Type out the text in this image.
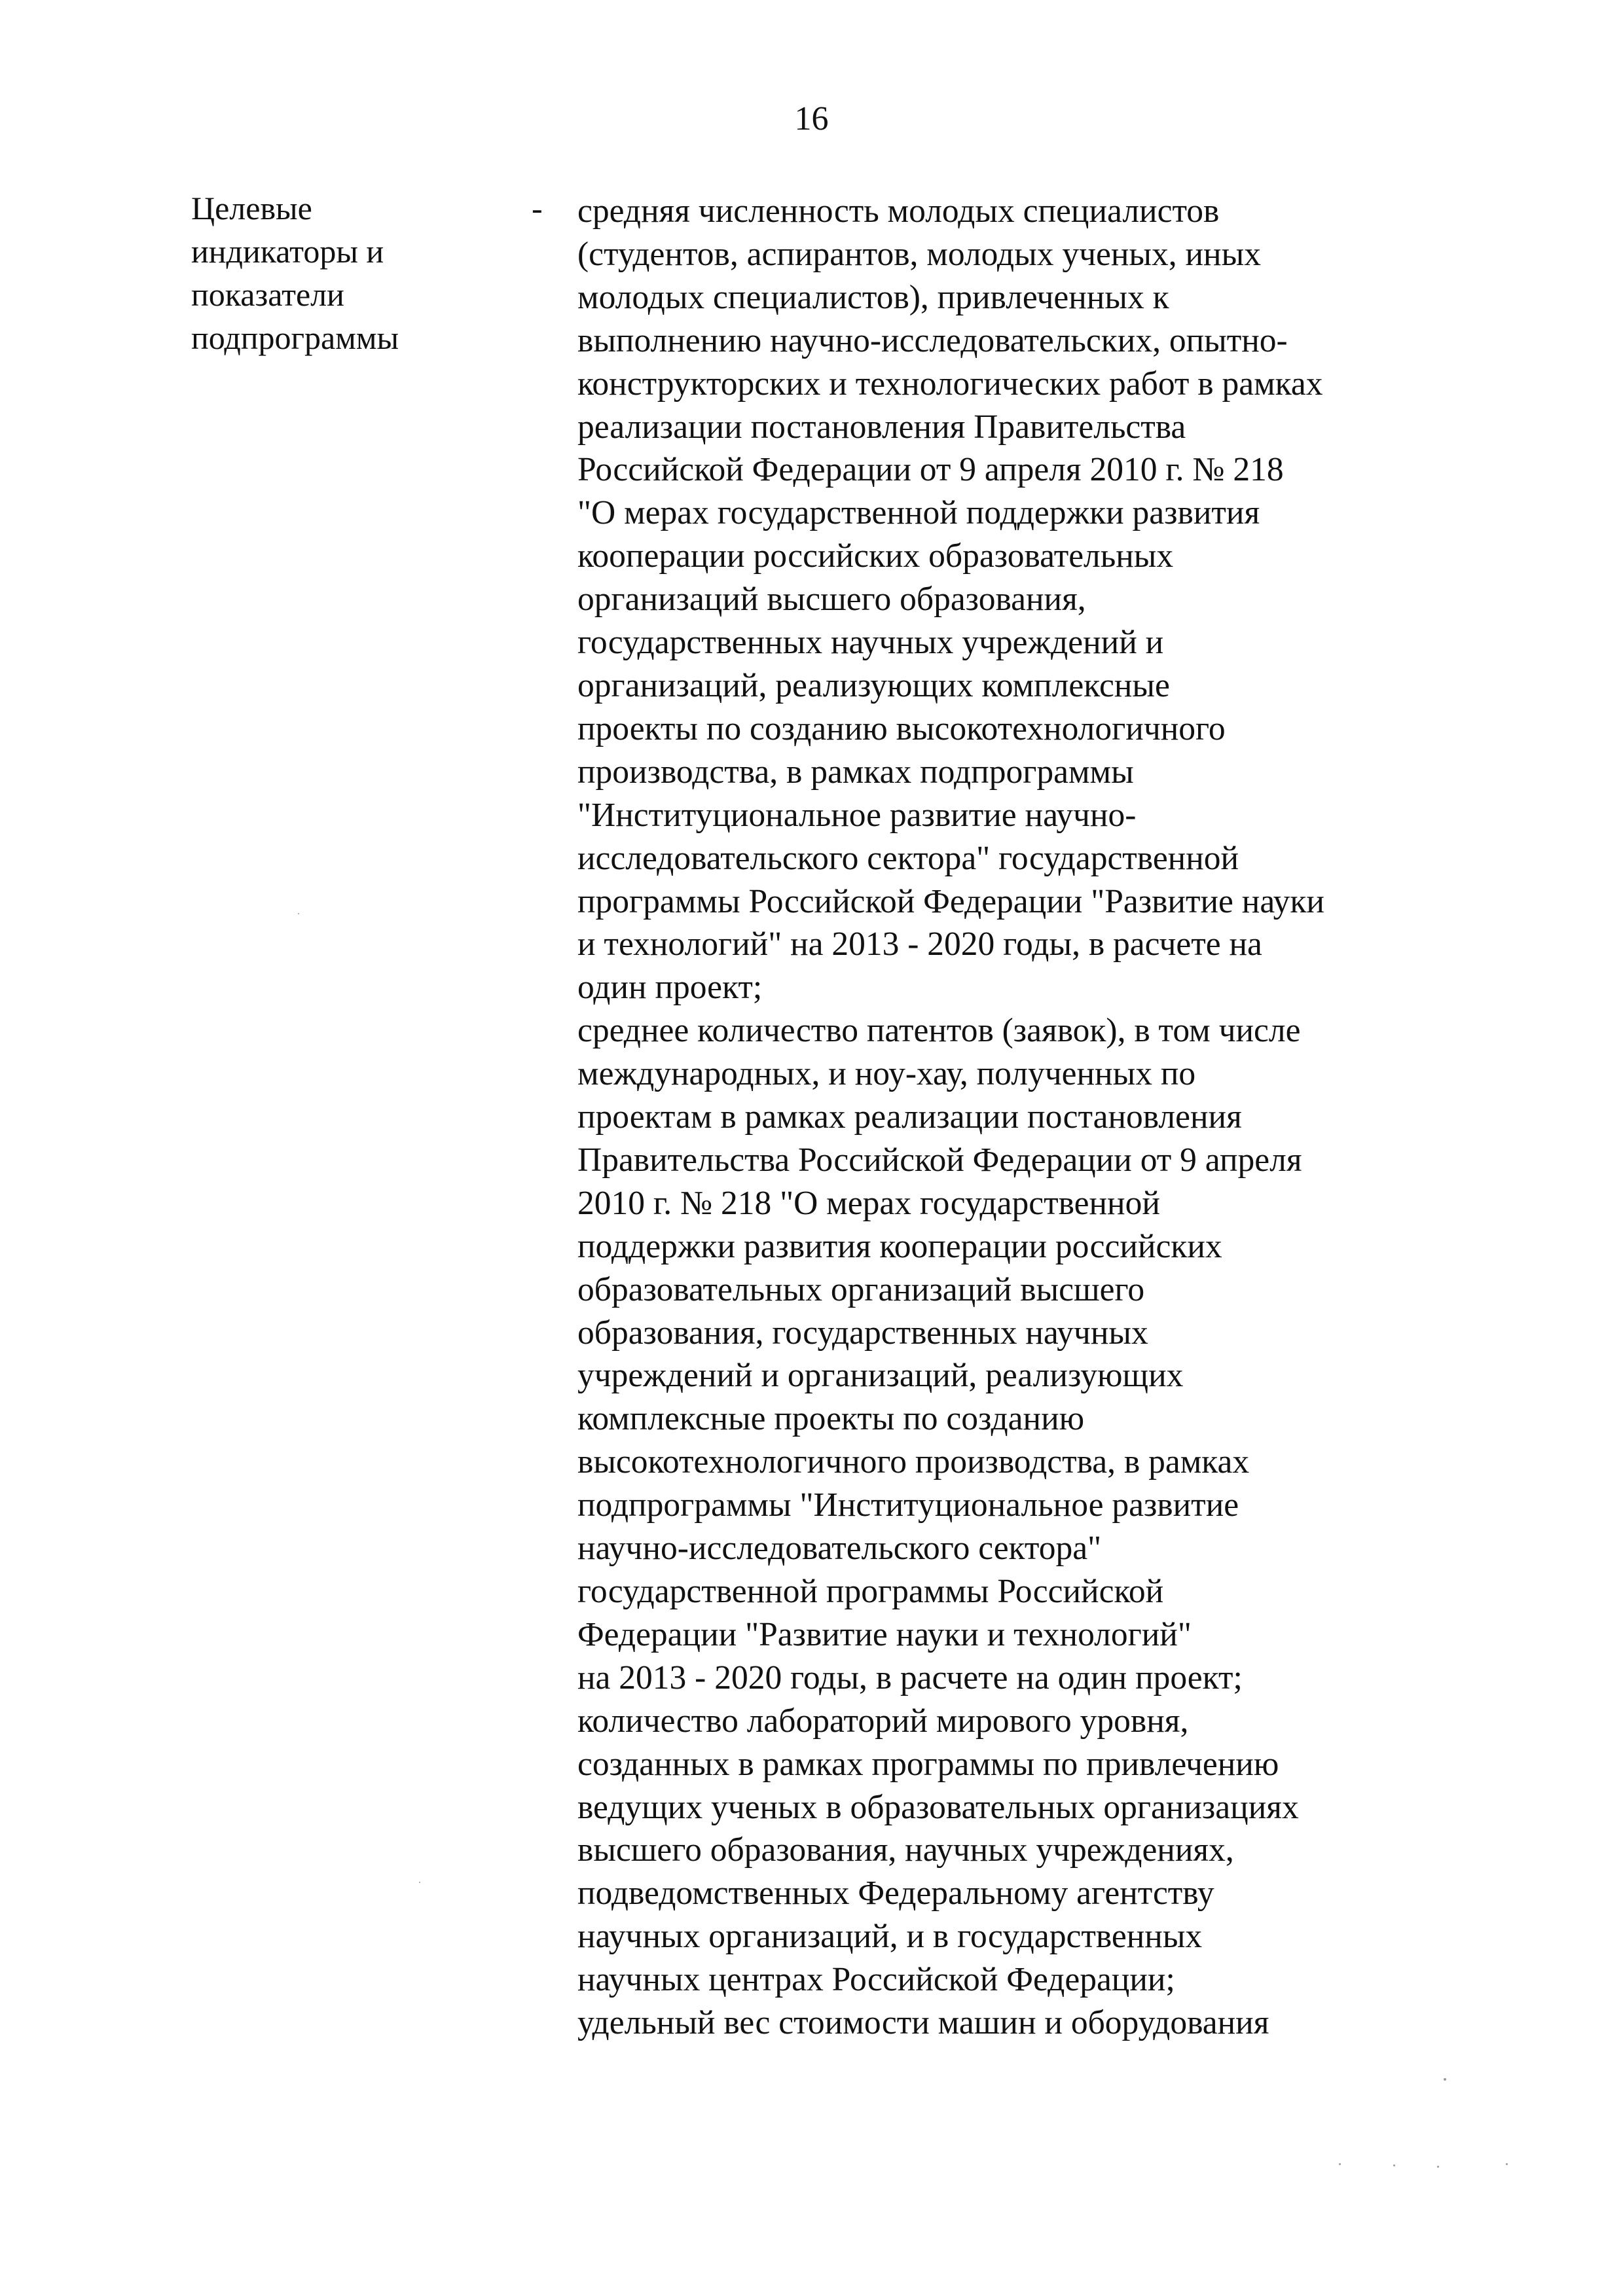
16
Целевые
индикаторы и
показатели
подпрограммы
- средняя численность молодых специалистов
(студентов, аспирантов, молодых ученых, иных
молодых специалистов), привлеченных к
выполнению научно-исследовательских, опытно-
конструкторских и технологических работ в рамках
реализации постановления Правительства
Российской Федерации от 9 апреля 2010 г. № 218
"О мерах государственной поддержки развития
кооперации российских образовательных
организаций высшего образования,
государственных научных учреждений и
организаций, реализующих комплексные
проекты по созданию высокотехнологичного
производства, в рамках подпрограммы
"Институциональное развитие научно-
исследовательского сектора" государственной
программы Российской Федерации "Развитие науки
и технологий" на 2013 - 2020 годы, в расчете на
один проект;
среднее количество патентов (заявок), в том числе
международных, и ноу-хау, полученных по
проектам в рамках реализации постановления
Правительства Российской Федерации от 9 апреля
2010 г. № 218 "О мерах государственной
поддержки развития кооперации российских
образовательных организаций высшего
образования, государственных научных
учреждений и организаций, реализующих
комплексные проекты по созданию
высокотехнологичного производства, в рамках
подпрограммы "Институциональное развитие
научно-исследовательского сектора"
государственной программы Российской
Федерации "Развитие науки и технологий"
на 2013 - 2020 годы, в расчете на один проект;
количество лабораторий мирового уровня,
созданных в рамках программы по привлечению
ведущих ученых в образовательных организациях
высшего образования, научных учреждениях,
подведомственных Федеральному агентству
научных организаций, и в государственных
научных центрах Российской Федерации;
удельный вес стоимости машин и оборудования
